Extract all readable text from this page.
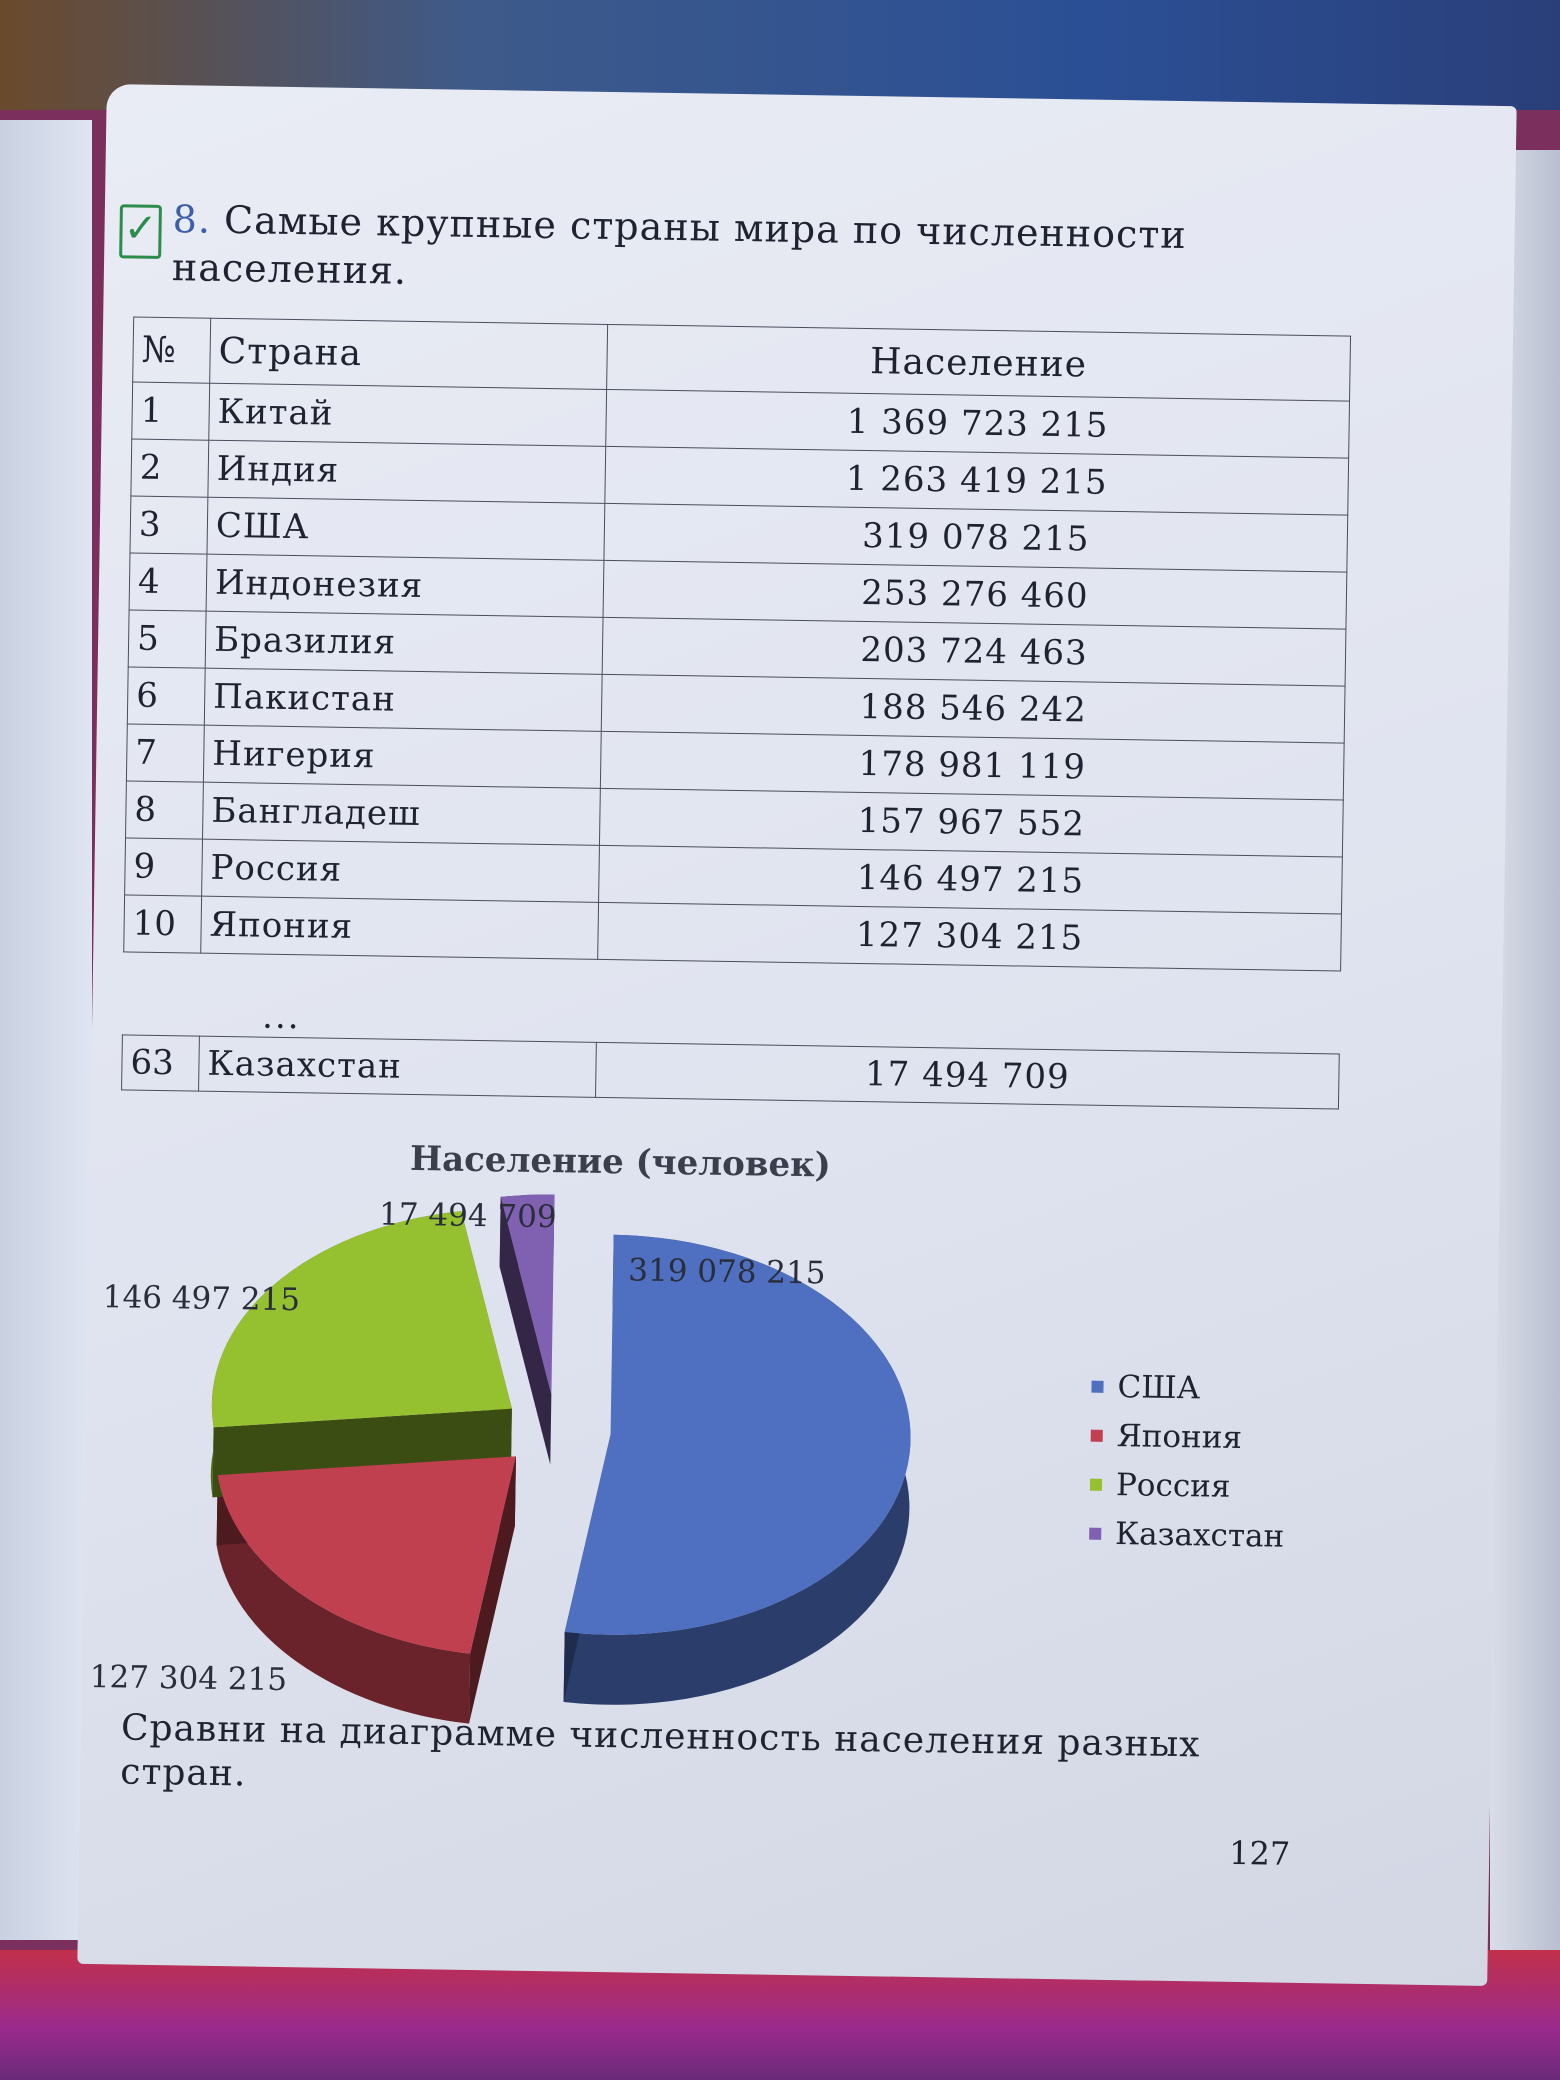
✓ 8. Самые крупные страны мира по численности населения.
№	Страна	Население
1	Китай	1 369 723 215
2	Индия	1 263 419 215
3	США	319 078 215
4	Индонезия	253 276 460
5	Бразилия	203 724 463
6	Пакистан	188 546 242
7	Нигерия	178 981 119
8	Бангладеш	157 967 552
9	Россия	146 497 215
10	Япония	127 304 215
...
63	Казахстан	17 494 709
Население (человек)
319 078 215
127 304 215
146 497 215
17 494 709
США
Япония
Россия
Казахстан
Сравни на диаграмме численность населения разных стран.
127
